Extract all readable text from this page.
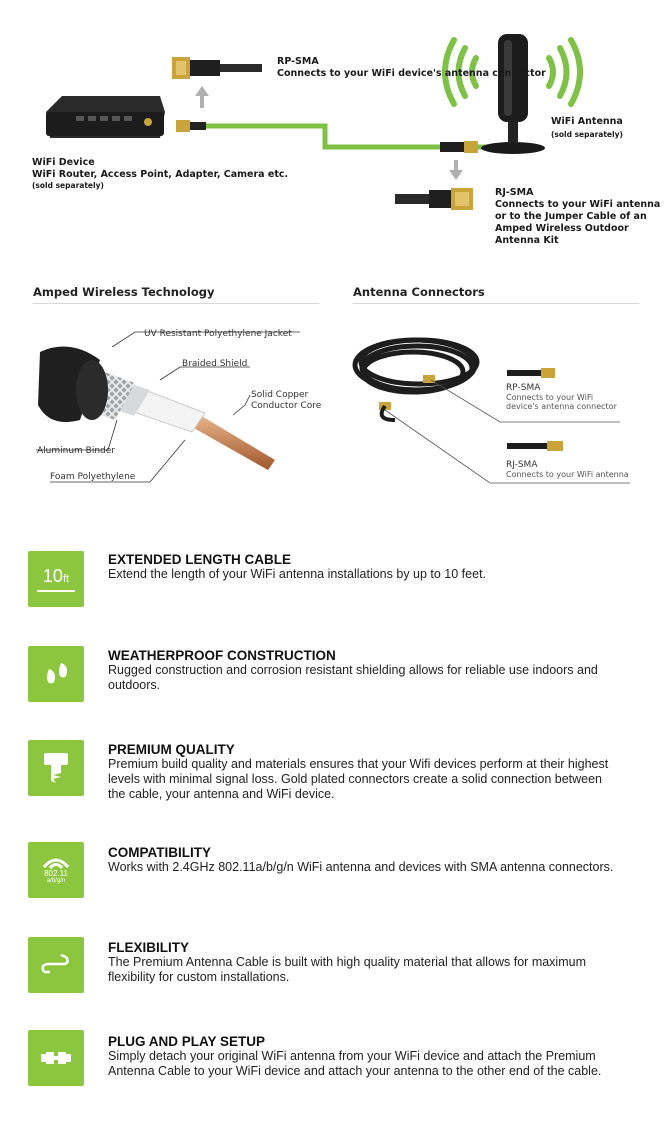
RP-SMA
Connects to your WiFi device's antenna connector
WiFi Device
WiFi Router, Access Point, Adapter, Camera etc.
(sold separately)
WiFi Antenna
(sold separately)
RJ-SMA
Connects to your WiFi antenna
or to the Jumper Cable of an
Amped Wireless Outdoor
Antenna Kit
Amped Wireless Technology	Antenna Connectors
UV Resistant Polyethylene Jacket
Braided Shield
Solid Copper
Conductor Core
Aluminum Binder
Foam Polyethylene
RP-SMA
Connects to your WiFi
device's antenna connector
RJ-SMA
Connects to your WiFi antenna
10ft
EXTENDED LENGTH CABLE
Extend the length of your WiFi antenna installations by up to 10 feet.
WEATHERPROOF CONSTRUCTION
Rugged construction and corrosion resistant shielding allows for reliable use indoors and outdoors.
PREMIUM QUALITY
Premium build quality and materials ensures that your Wifi devices perform at their highest levels with minimal signal loss. Gold plated connectors create a solid connection between the cable, your antenna and WiFi device.
802.11
a/b/g/n
COMPATIBILITY
Works with 2.4GHz 802.11a/b/g/n WiFi antenna and devices with SMA antenna connectors.
FLEXIBILITY
The Premium Antenna Cable is built with high quality material that allows for maximum flexibility for custom installations.
PLUG AND PLAY SETUP
Simply detach your original WiFi antenna from your WiFi device and attach the Premium Antenna Cable to your WiFi device and attach your antenna to the other end of the cable.
